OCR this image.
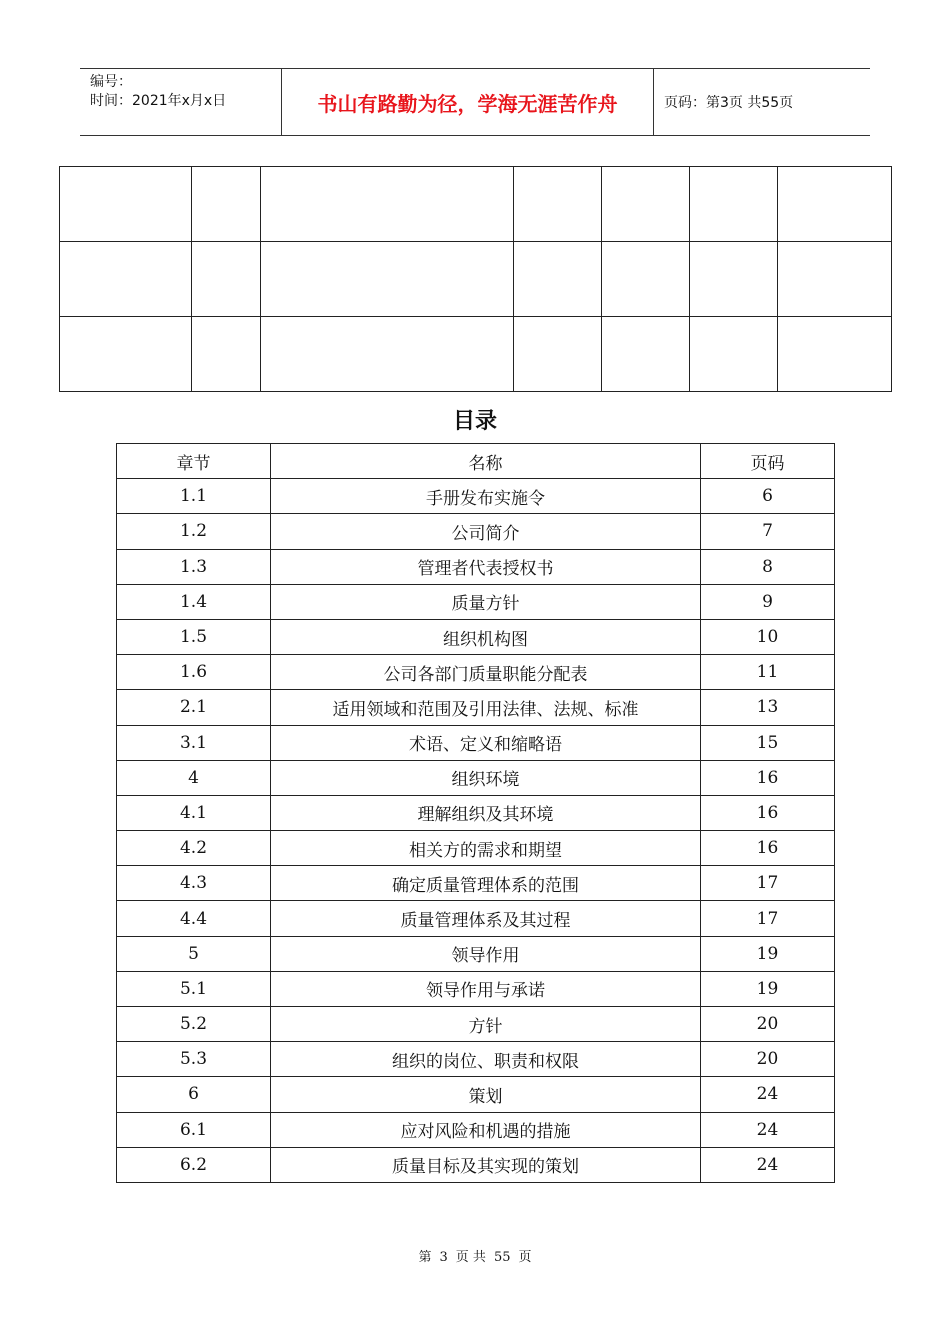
编号：
时间：2021年x月x日	书山有路勤为径，学海无涯苦作舟	页码：第3页 共55页

目录
章节	名称	页码
1.1	手册发布实施令	6
1.2	公司简介	7
1.3	管理者代表授权书	8
1.4	质量方针	9
1.5	组织机构图	10
1.6	公司各部门质量职能分配表	11
2.1	适用领域和范围及引用法律、法规、标准	13
3.1	术语、定义和缩略语	15
4	组织环境	16
4.1	理解组织及其环境	16
4.2	相关方的需求和期望	16
4.3	确定质量管理体系的范围	17
4.4	质量管理体系及其过程	17
5	领导作用	19
5.1	领导作用与承诺	19
5.2	方针	20
5.3	组织的岗位、职责和权限	20
6	策划	24
6.1	应对风险和机遇的措施	24
6.2	质量目标及其实现的策划	24
第 3 页 共 55 页
